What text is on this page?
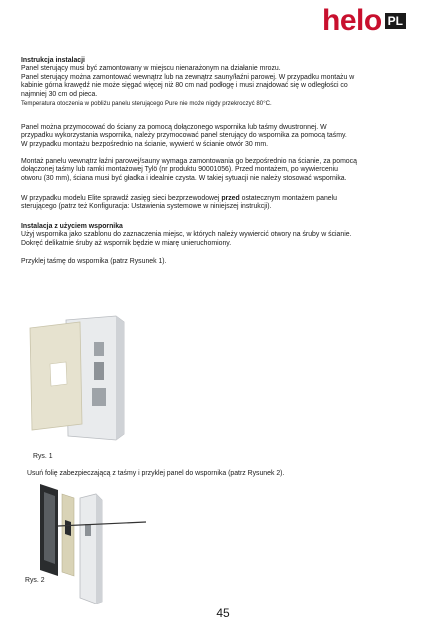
helo PL

Instrukcja instalacji

Panel sterujący musi być zamontowany w miejscu nienarażonym na działanie mrozu.

Panel sterujący można zamontować wewnątrz lub na zewnątrz sauny/łaźni parowej. W przypadku montażu w

kabinie górna krawędź nie może sięgać więcej niż 80 cm nad podłogę i musi znajdować się w odległości co

najmniej 30 cm od pieca.

Temperatura otoczenia w pobliżu panelu sterującego Pure nie może nigdy przekroczyć 80°C.

Panel można przymocować do ściany za pomocą dołączonego wspornika lub taśmy dwustronnej. W

przypadku wykorzystania wspornika, należy przymocować panel sterujący do wspornika za pomocą taśmy.

W przypadku montażu bezpośrednio na ścianie, wywierć w ścianie otwór 30 mm.

Montaż panelu wewnątrz łaźni parowej/sauny wymaga zamontowania go bezpośrednio na ścianie, za pomocą

dołączonej taśmy lub ramki montażowej Tylö (nr produktu 90001056). Przed montażem, po wywierceniu

otworu (30 mm), ściana musi być gładka i idealnie czysta. W takiej sytuacji nie należy stosować wspornika.

W przypadku modelu Elite sprawdź zasięg sieci bezprzewodowej przed ostatecznym montażem panelu

sterującego (patrz też Konfiguracja: Ustawienia systemowe w niniejszej instrukcji).

Instalacja z użyciem wspornika

Użyj wspornika jako szablonu do zaznaczenia miejsc, w których należy wywiercić otwory na śruby w ścianie.

Dokręć delikatnie śruby aż wspornik będzie w miarę unieruchomiony.

Przyklej taśmę do wspornika (patrz Rysunek 1).

Rys. 1

Usuń folię zabezpieczającą z taśmy i przyklej panel do wspornika (patrz Rysunek 2).

Rys. 2
45
